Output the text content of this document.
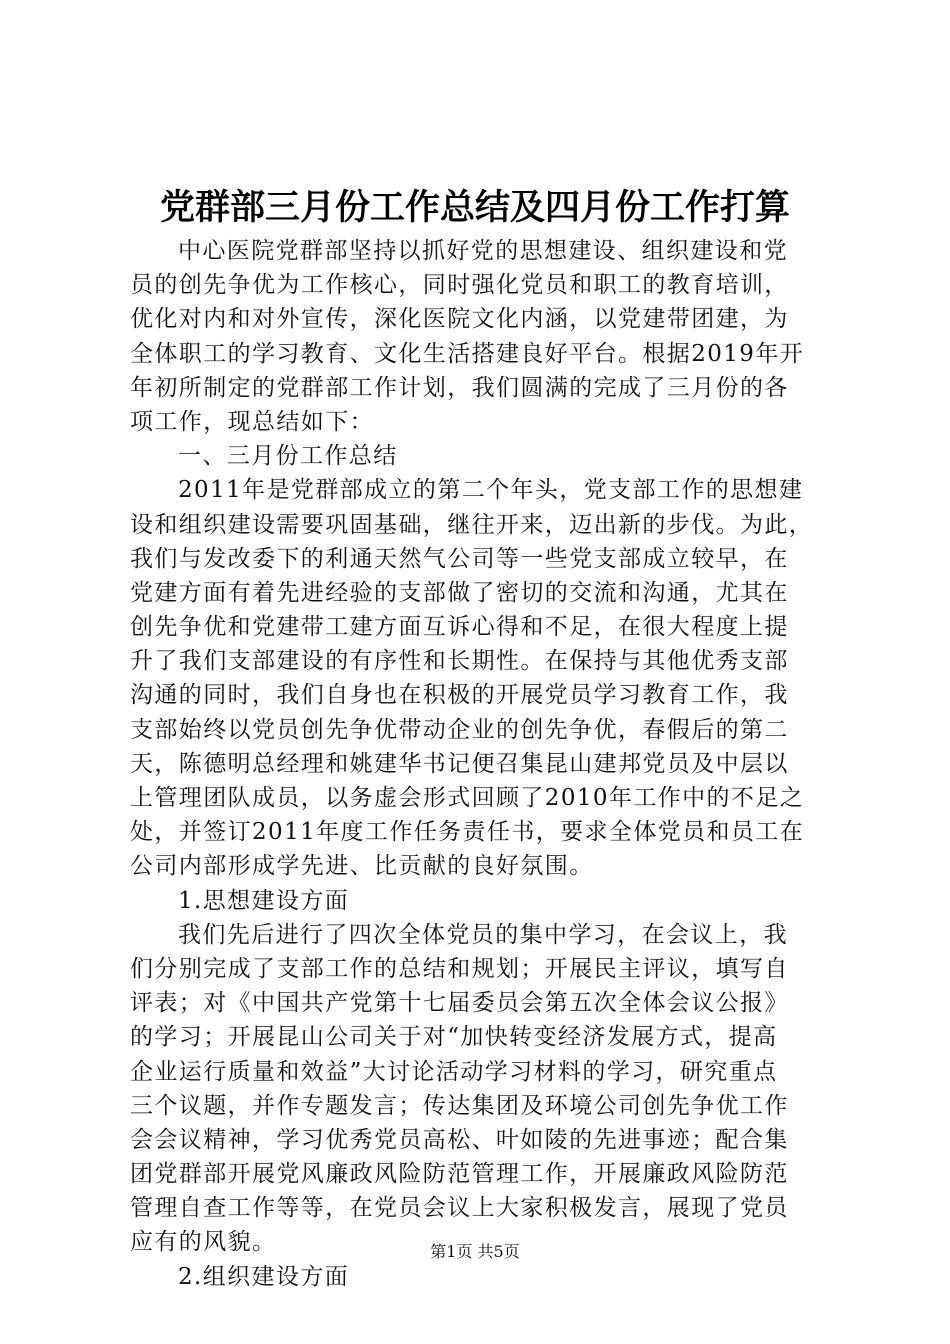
党群部三月份工作总结及四月份工作打算
中心医院党群部坚持以抓好党的思想建设、组织建设和党
员的创先争优为工作核心，同时强化党员和职工的教育培训，
优化对内和对外宣传，深化医院文化内涵，以党建带团建，为
全体职工的学习教育、文化生活搭建良好平台。根据2019年开
年初所制定的党群部工作计划，我们圆满的完成了三月份的各
项工作，现总结如下：
一、三月份工作总结
2011年是党群部成立的第二个年头，党支部工作的思想建
设和组织建设需要巩固基础，继往开来，迈出新的步伐。为此，
我们与发改委下的利通天然气公司等一些党支部成立较早，在
党建方面有着先进经验的支部做了密切的交流和沟通，尤其在
创先争优和党建带工建方面互诉心得和不足，在很大程度上提
升了我们支部建设的有序性和长期性。在保持与其他优秀支部
沟通的同时，我们自身也在积极的开展党员学习教育工作，我
支部始终以党员创先争优带动企业的创先争优，春假后的第二
天，陈德明总经理和姚建华书记便召集昆山建邦党员及中层以
上管理团队成员，以务虚会形式回顾了2010年工作中的不足之
处，并签订2011年度工作任务责任书，要求全体党员和员工在
公司内部形成学先进、比贡献的良好氛围。
1.思想建设方面
我们先后进行了四次全体党员的集中学习，在会议上，我
们分别完成了支部工作的总结和规划；开展民主评议，填写自
评表；对《中国共产党第十七届委员会第五次全体会议公报》
的学习；开展昆山公司关于对“加快转变经济发展方式，提高
企业运行质量和效益”大讨论活动学习材料的学习，研究重点
三个议题，并作专题发言；传达集团及环境公司创先争优工作
会会议精神，学习优秀党员高松、叶如陵的先进事迹；配合集
团党群部开展党风廉政风险防范管理工作，开展廉政风险防范
管理自查工作等等，在党员会议上大家积极发言，展现了党员
应有的风貌。
2.组织建设方面
第1页 共5页
